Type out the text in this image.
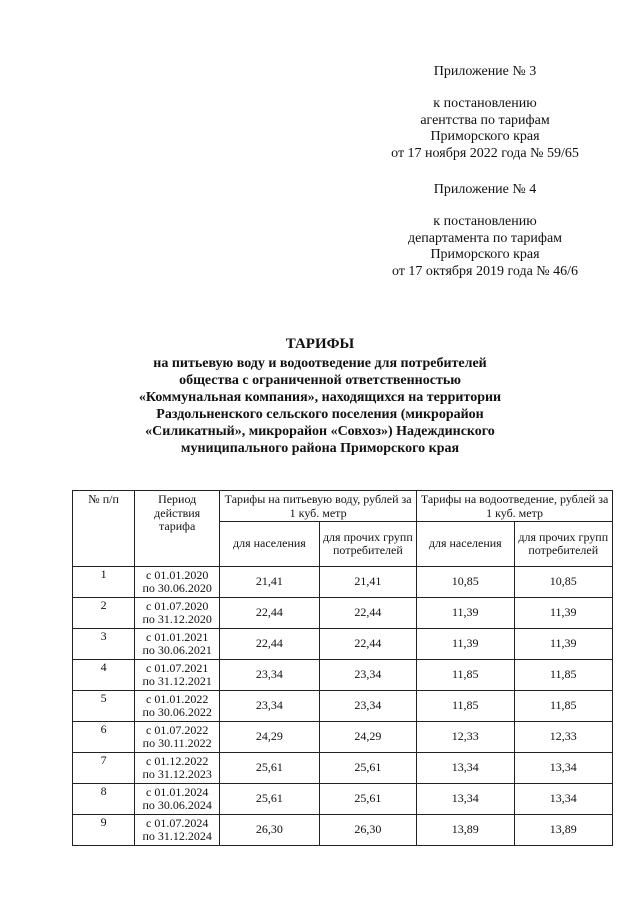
Приложение № 3
к постановлению
агентства по тарифам
Приморского края
от 17 ноября 2022 года № 59/65
Приложение № 4
к постановлению
департамента по тарифам
Приморского края
от 17 октября 2019 года № 46/6
ТАРИФЫ
на питьевую воду и водоотведение для потребителей
общества с ограниченной ответственностью
«Коммунальная компания», находящихся на территории
Раздольненского сельского поселения (микрорайон
«Силикатный», микрорайон «Совхоз») Надеждинского
муниципального района Приморского края
№ п/п	Период действия тарифа	Тарифы на питьевую воду, рублей за 1 куб. метр		Тарифы на водоотведение, рублей за 1 куб. метр	
		для населения	для прочих групп потребителей	для населения	для прочих групп потребителей

1	с 01.01.2020
по 30.06.2020	21,41	21,41	10,85	10,85

2	с 01.07.2020
по 31.12.2020	22,44	22,44	11,39	11,39

3	с 01.01.2021
по 30.06.2021	22,44	22,44	11,39	11,39

4	с 01.07.2021
по 31.12.2021	23,34	23,34	11,85	11,85

5	с 01.01.2022
по 30.06.2022	23,34	23,34	11,85	11,85

6	с 01.07.2022
по 30.11.2022	24,29	24,29	12,33	12,33

7	с 01.12.2022
по 31.12.2023	25,61	25,61	13,34	13,34

8	с 01.01.2024
по 30.06.2024	25,61	25,61	13,34	13,34

9	с 01.07.2024
по 31.12.2024	26,30	26,30	13,89	13,89
